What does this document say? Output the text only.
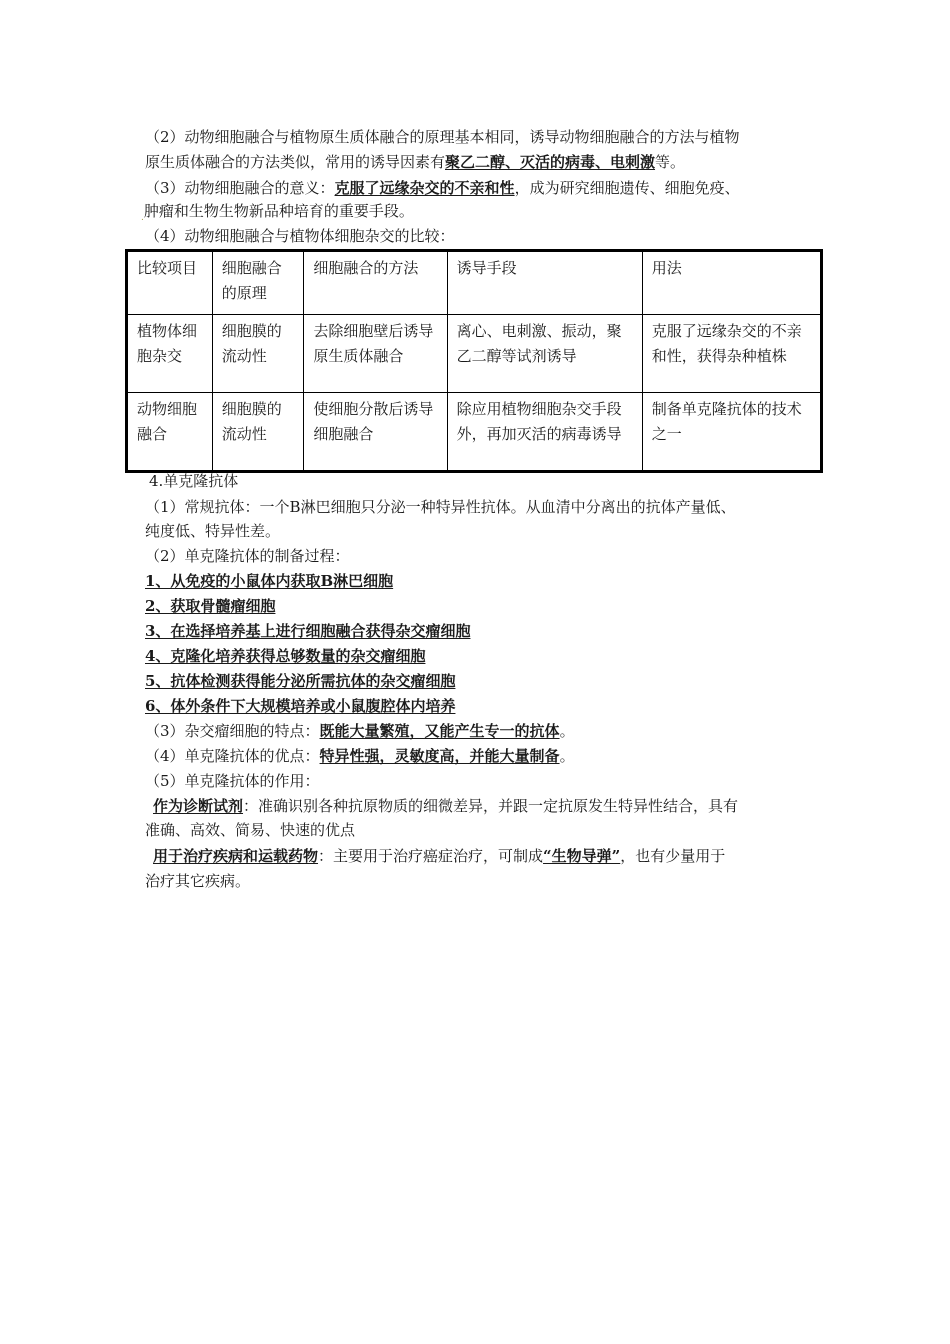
（2）动物细胞融合与植物原生质体融合的原理基本相同，诱导动物细胞融合的方法与植物
原生质体融合的方法类似，常用的诱导因素有聚乙二醇、灭活的病毒、电刺激等。
（3）动物细胞融合的意义：克服了远缘杂交的不亲和性，成为研究细胞遗传、细胞免疫、
$_.$肿瘤和生物生物新品种培育的重要手段。
（4）动物细胞融合与植物体细胞杂交的比较：
比较项目	细胞融合的原理	细胞融合的方法	诱导手段	用法
植物体细胞杂交	细胞膜的流动性	去除细胞壁后诱导原生质体融合	离心、电刺激、振动，聚乙二醇等试剂诱导	克服了远缘杂交的不亲和性，获得杂种植株
动物细胞融合	细胞膜的流动性	使细胞分散后诱导细胞融合	除应用植物细胞杂交手段外，再加灭活的病毒诱导	制备单克隆抗体的技术之一
4.单克隆抗体
（1）常规抗体：一个B淋巴细胞只分泌一种特异性抗体。从血清中分离出的抗体产量低、
纯度低、特异性差。
（2）单克隆抗体的制备过程：
1、从免疫的小鼠体内获取B淋巴细胞
2、获取骨髓瘤细胞
3、在选择培养基上进行细胞融合获得杂交瘤细胞
4、克隆化培养获得总够数量的杂交瘤细胞
5、抗体检测获得能分泌所需抗体的杂交瘤细胞
6、体外条件下大规模培养或小鼠腹腔体内培养
（3）杂交瘤细胞的特点：既能大量繁殖，又能产生专一的抗体。
（4）单克隆抗体的优点：特异性强，灵敏度高，并能大量制备。
（5）单克隆抗体的作用：
作为诊断试剂：准确识别各种抗原物质的细微差异，并跟一定抗原发生特异性结合，具有
准确、高效、简易、快速的优点
用于治疗疾病和运载药物：主要用于治疗癌症治疗，可制成“生物导弹”，也有少量用于
治疗其它疾病。
